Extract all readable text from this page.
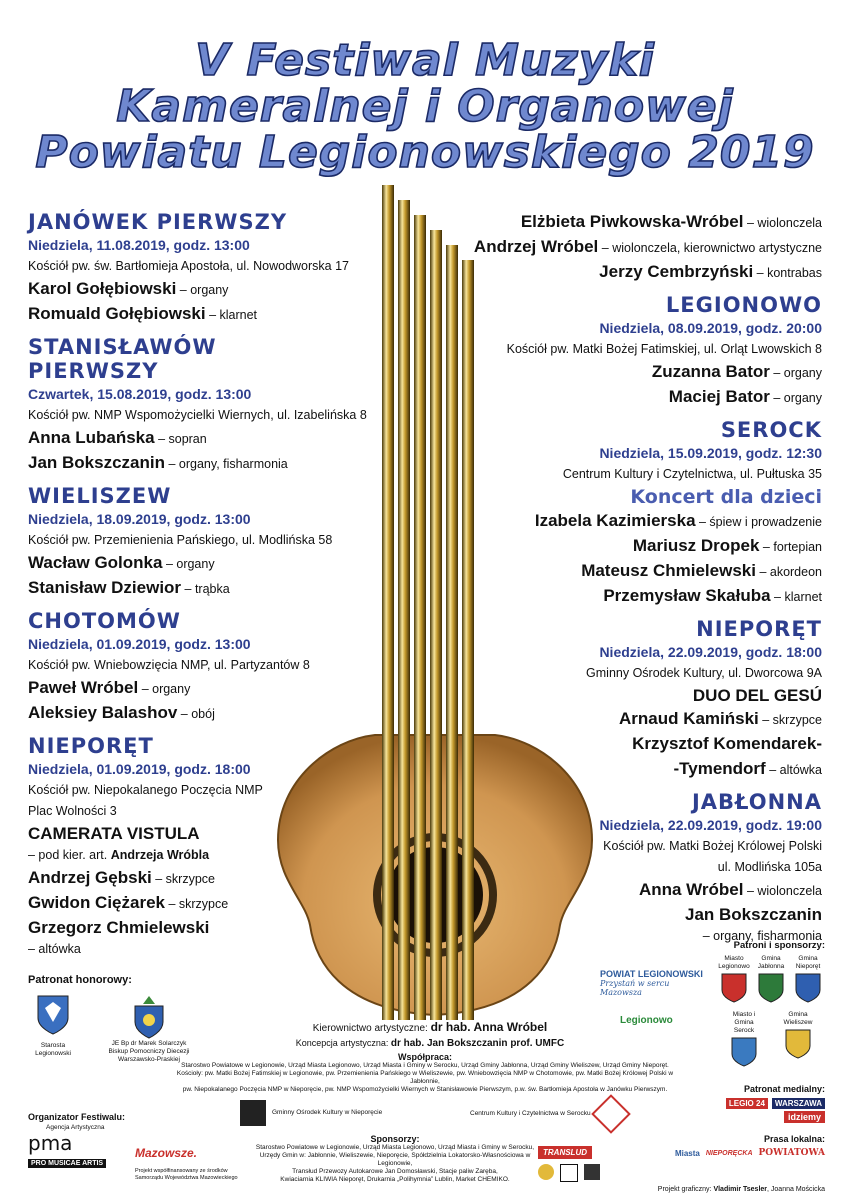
V Festiwal Muzyki
Kameralnej i Organowej
Powiatu Legionowskiego 2019
JANÓWEK PIERWSZY
Niedziela, 11.08.2019, godz. 13:00
Kościół pw. św. Bartłomieja Apostoła, ul. Nowodworska 17
Karol Gołębiowski – organy
Romuald Gołębiowski – klarnet
STANISŁAWÓW
PIERWSZY
Czwartek, 15.08.2019, godz. 13:00
Kościół pw. NMP Wspomożycielki Wiernych, ul. Izabelińska 8
Anna Lubańska – sopran
Jan Bokszczanin – organy, fisharmonia
WIELISZEW
Niedziela, 18.09.2019, godz. 13:00
Kościół pw. Przemienienia Pańskiego, ul. Modlińska 58
Wacław Golonka – organy
Stanisław Dziewior – trąbka
CHOTOMÓW
Niedziela, 01.09.2019, godz. 13:00
Kościół pw. Wniebowzięcia NMP, ul. Partyzantów 8
Paweł Wróbel – organy
Aleksiey Balashov – obój
NIEPORĘT
Niedziela, 01.09.2019, godz. 18:00
Kościół pw. Niepokalanego Poczęcia NMP
Plac Wolności 3
CAMERATA VISTULA
– pod kier. art. Andrzeja Wróbla
Andrzej Gębski – skrzypce
Gwidon Ciężarek – skrzypce
Grzegorz Chmielewski
– altówka
Elżbieta Piwkowska-Wróbel – wiolonczela
Andrzej Wróbel – wiolonczela, kierownictwo artystyczne
Jerzy Cembrzyński – kontrabas
LEGIONOWO
Niedziela, 08.09.2019, godz. 20:00
Kościół pw. Matki Bożej Fatimskiej, ul. Orląt Lwowskich 8
Zuzanna Bator – organy
Maciej Bator – organy
SEROCK
Niedziela, 15.09.2019, godz. 12:30
Centrum Kultury i Czytelnictwa, ul. Pułtuska 35
Koncert dla dzieci
Izabela Kazimierska – śpiew i prowadzenie
Mariusz Dropek – fortepian
Mateusz Chmielewski – akordeon
Przemysław Skałuba – klarnet
NIEPORĘT
Niedziela, 22.09.2019, godz. 18:00
Gminny Ośrodek Kultury, ul. Dworcowa 9A
DUO DEL GESÚ
Arnaud Kamiński – skrzypce
Krzysztof Komendarek-
-Tymendorf – altówka
JABŁONNA
Niedziela, 22.09.2019, godz. 19:00
Kościół pw. Matki Bożej Królowej Polski
ul. Modlińska 105a
Anna Wróbel – wiolonczela
Jan Bokszczanin
– organy, fisharmonia
Patronat honorowy:
Starosta Legionowski
JE Bp dr Marek Solarczyk Biskup Pomocniczy Diecezji Warszawsko-Praskiej
Kierownictwo artystyczne: dr hab. Anna Wróbel
Koncepcja artystyczna: dr hab. Jan Bokszczanin prof. UMFC
Patroni i sponsorzy:
POWIAT LEGIONOWSKI
Przystań w sercu Mazowsza
Legionowo
Miasto Legionowo
Gmina Jabłonna
Gmina Nieporęt
Miasto i Gmina Serock
Gmina Wieliszew
Współpraca:
Starostwo Powiatowe w Legionowie, Urząd Miasta Legionowo, Urząd Miasta i Gminy w Serocku, Urząd Gminy Jabłonna, Urząd Gminy Wieliszew, Urząd Gminy Nieporęt.
Kościoły: pw. Matki Bożej Fatimskiej w Legionowie, pw. Przemienienia Pańskiego w Wieliszewie, pw. Wniebowzięcia NMP w Chotomowie, pw. Matki Bożej Królowej Polski w Jabłonnie,
pw. Niepokalanego Poczęcia NMP w Nieporęcie, pw. NMP Wspomożycielki Wiernych w Stanisławowie Pierwszym, p.w. św. Bartłomieja Apostoła w Janówku Pierwszym.
Gminny Ośrodek Kultury w Nieporęcie	Centrum Kultury i Czytelnictwa w Serocku
Patronat medialny:
LEGIO 24	WARSZAWA
idziemy
Organizator Festiwalu:
Agencja Artystyczna
pma
PRO MUSICAE ARTIS
Mazowsze.
Projekt współfinansowany ze środków Samorządu Województwa Mazowieckiego
Sponsorzy:
Starostwo Powiatowe w Legionowie, Urząd Miasta Legionowo, Urząd Miasta i Gminy w Serocku,
Urzędy Gmin w: Jabłonnie, Wieliszewie, Nieporęcie, Spółdzielnia Lokatorsko-Własnościowa w Legionowie,
Transłud Przewozy Autokarowe Jan Domosławski, Stacje paliw Zaręba,
Kwiaciarnia KLIWIA Nieporęt, Drukarnia „Polihymnia” Lublin, Market CHEMIKO.
TRANSLUD
Prasa lokalna:
Miasta NIEPORĘCKA POWIATOWA
Projekt graficzny: Vladimir Tsesler, Joanna Mościcka
